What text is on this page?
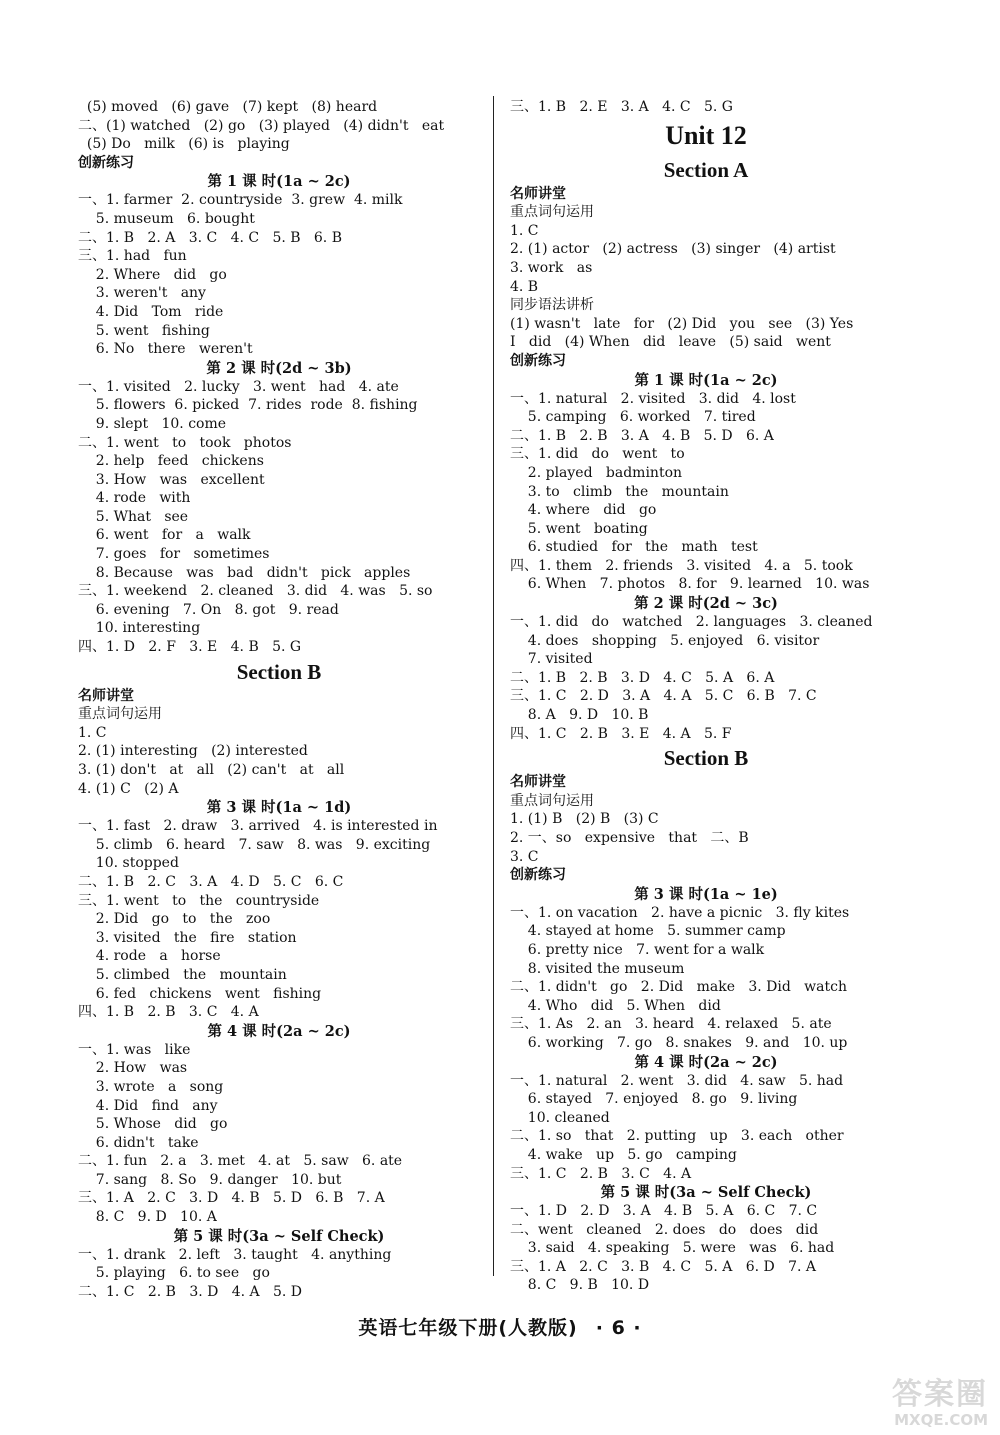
(5) moved   (6) gave   (7) kept   (8) heard
二、(1) watched   (2) go   (3) played   (4) didn't   eat
(5) Do   milk   (6) is   playing
创新练习
第 1 课 时(1a ~ 2c)
一、1. farmer  2. countryside  3. grew  4. milk
5. museum   6. bought
二、1. B   2. A   3. C   4. C   5. B   6. B
三、1. had   fun
2. Where   did   go
3. weren't   any
4. Did   Tom   ride
5. went   fishing
6. No   there   weren't
第 2 课 时(2d ~ 3b)
一、1. visited   2. lucky   3. went   had   4. ate
5. flowers  6. picked  7. rides  rode  8. fishing
9. slept   10. come
二、1. went   to   took   photos
2. help   feed   chickens
3. How   was   excellent
4. rode   with
5. What   see
6. went   for   a   walk
7. goes   for   sometimes
8. Because   was   bad   didn't   pick   apples
三、1. weekend   2. cleaned   3. did   4. was   5. so
6. evening   7. On   8. got   9. read
10. interesting
四、1. D   2. F   3. E   4. B   5. G
Section B
名师讲堂
重点词句运用
1. C
2. (1) interesting   (2) interested
3. (1) don't   at   all   (2) can't   at   all
4. (1) C   (2) A
第 3 课 时(1a ~ 1d)
一、1. fast   2. draw   3. arrived   4. is interested in
5. climb   6. heard   7. saw   8. was   9. exciting
10. stopped
二、1. B   2. C   3. A   4. D   5. C   6. C
三、1. went   to   the   countryside
2. Did   go   to   the   zoo
3. visited   the   fire   station
4. rode   a   horse
5. climbed   the   mountain
6. fed   chickens   went   fishing
四、1. B   2. B   3. C   4. A
第 4 课 时(2a ~ 2c)
一、1. was   like
2. How   was
3. wrote   a   song
4. Did   find   any
5. Whose   did   go
6. didn't   take
二、1. fun   2. a   3. met   4. at   5. saw   6. ate
7. sang   8. So   9. danger   10. but
三、1. A   2. C   3. D   4. B   5. D   6. B   7. A
8. C   9. D   10. A
第 5 课 时(3a ~ Self Check)
一、1. drank   2. left   3. taught   4. anything
5. playing   6. to see   go
二、1. C   2. B   3. D   4. A   5. D
三、1. B   2. E   3. A   4. C   5. G
Unit 12
Section A
名师讲堂
重点词句运用
1. C
2. (1) actor   (2) actress   (3) singer   (4) artist
3. work   as
4. B
同步语法讲析
(1) wasn't   late   for   (2) Did   you   see   (3) Yes
I   did   (4) When   did   leave   (5) said   went
创新练习
第 1 课 时(1a ~ 2c)
一、1. natural   2. visited   3. did   4. lost
5. camping   6. worked   7. tired
二、1. B   2. B   3. A   4. B   5. D   6. A
三、1. did   do   went   to
2. played   badminton
3. to   climb   the   mountain
4. where   did   go
5. went   boating
6. studied   for   the   math   test
四、1. them   2. friends   3. visited   4. a   5. took
6. When   7. photos   8. for   9. learned   10. was
第 2 课 时(2d ~ 3c)
一、1. did   do   watched   2. languages   3. cleaned
4. does   shopping   5. enjoyed   6. visitor
7. visited
二、1. B   2. B   3. D   4. C   5. A   6. A
三、1. C   2. D   3. A   4. A   5. C   6. B   7. C
8. A   9. D   10. B
四、1. C   2. B   3. E   4. A   5. F
Section B
名师讲堂
重点词句运用
1. (1) B   (2) B   (3) C
2. 一、so   expensive   that   二、B
3. C
创新练习
第 3 课 时(1a ~ 1e)
一、1. on vacation   2. have a picnic   3. fly kites
4. stayed at home   5. summer camp
6. pretty nice   7. went for a walk
8. visited the museum
二、1. didn't   go   2. Did   make   3. Did   watch
4. Who   did   5. When   did
三、1. As   2. an   3. heard   4. relaxed   5. ate
6. working   7. go   8. snakes   9. and   10. up
第 4 课 时(2a ~ 2c)
一、1. natural   2. went   3. did   4. saw   5. had
6. stayed   7. enjoyed   8. go   9. living
10. cleaned
二、1. so   that   2. putting   up   3. each   other
4. wake   up   5. go   camping
三、1. C   2. B   3. C   4. A
第 5 课 时(3a ~ Self Check)
一、1. D   2. D   3. A   4. B   5. A   6. C   7. C
二、went   cleaned   2. does   do   does   did
3. said   4. speaking   5. were   was   6. had
三、1. A   2. C   3. B   4. C   5. A   6. D   7. A
8. C   9. B   10. D
英语七年级下册(人教版) · 6 ·
答案圈
MXQE.COM
